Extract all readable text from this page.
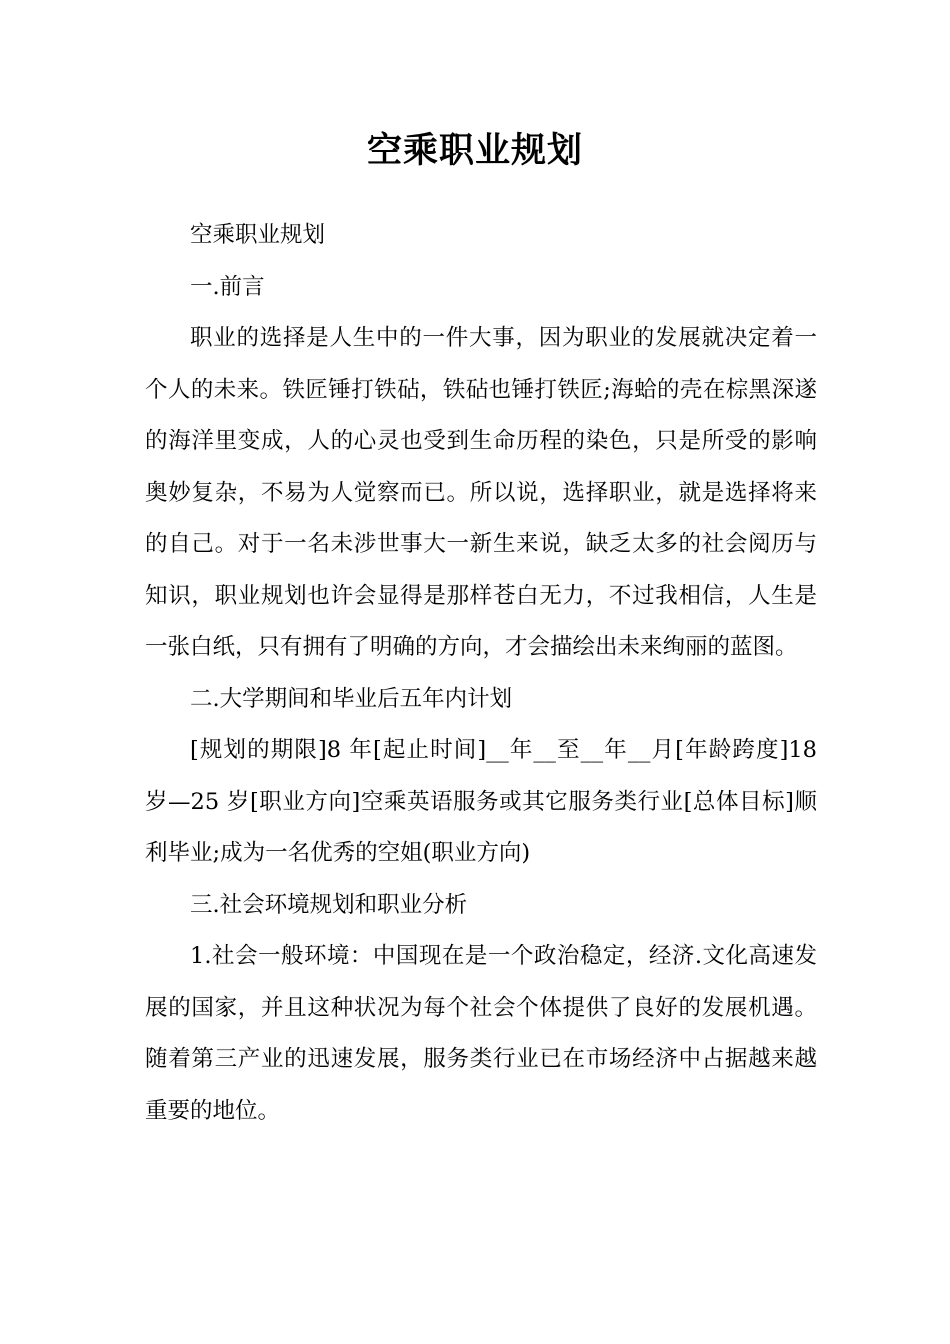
空乘职业规划

空乘职业规划

一.前言

职业的选择是人生中的一件大事，因为职业的发展就决定着一个人的未来。铁匠锤打铁砧，铁砧也锤打铁匠;海蛤的壳在棕黑深遂的海洋里变成，人的心灵也受到生命历程的染色，只是所受的影响奥妙复杂，不易为人觉察而已。所以说，选择职业，就是选择将来的自己。对于一名未涉世事大一新生来说，缺乏太多的社会阅历与知识，职业规划也许会显得是那样苍白无力，不过我相信，人生是一张白纸，只有拥有了明确的方向，才会描绘出未来绚丽的蓝图。

二.大学期间和毕业后五年内计划

[规划的期限]8 年[起止时间]__年__至__年__月[年龄跨度]18 岁—25 岁[职业方向]空乘英语服务或其它服务类行业[总体目标]顺利毕业;成为一名优秀的空姐(职业方向)

三.社会环境规划和职业分析

1.社会一般环境：中国现在是一个政治稳定，经济.文化高速发展的国家，并且这种状况为每个社会个体提供了良好的发展机遇。随着第三产业的迅速发展，服务类行业已在市场经济中占据越来越重要的地位。
